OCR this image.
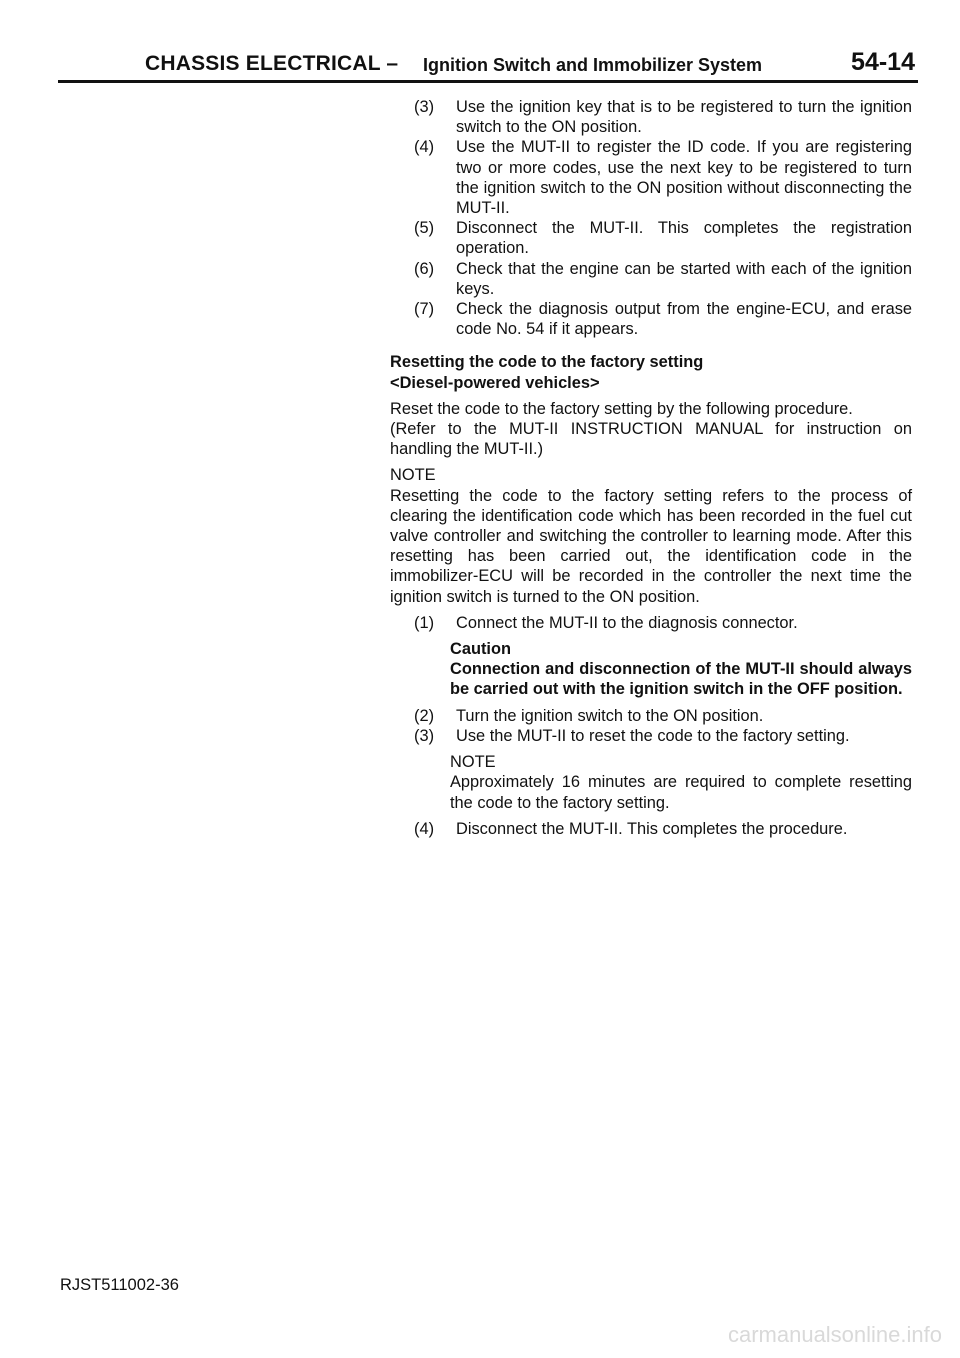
CHASSIS ELECTRICAL – Ignition Switch and Immobilizer System	54-14
(3)	Use the ignition key that is to be registered to turn the ignition switch to the ON position.
(4)	Use the MUT-II to register the ID code. If you are registering two or more codes, use the next key to be registered to turn the ignition switch to the ON position without disconnecting the MUT-II.
(5)	Disconnect the MUT-II. This completes the registration operation.
(6)	Check that the engine can be started with each of the ignition keys.
(7)	Check the diagnosis output from the engine-ECU, and erase code No. 54 if it appears.
Resetting the code to the factory setting
<Diesel-powered vehicles>
Reset the code to the factory setting by the following procedure.
(Refer to the MUT-II INSTRUCTION MANUAL for instruction on handling the MUT-II.)
NOTE
Resetting the code to the factory setting refers to the process of clearing the identification code which has been recorded in the fuel cut valve controller and switching the controller to learning mode. After this resetting has been carried out, the identification code in the immobilizer-ECU will be recorded in the controller the next time the ignition switch is turned to the ON position.
(1)	Connect the MUT-II to the diagnosis connector.
Caution
Connection and disconnection of the MUT-II should always be carried out with the ignition switch in the OFF position.
(2)	Turn the ignition switch to the ON position.
(3)	Use the MUT-II to reset the code to the factory setting.
NOTE
Approximately 16 minutes are required to complete resetting the code to the factory setting.
(4)	Disconnect the MUT-II. This completes the procedure.
RJST511002-36
carmanualsonline.info
